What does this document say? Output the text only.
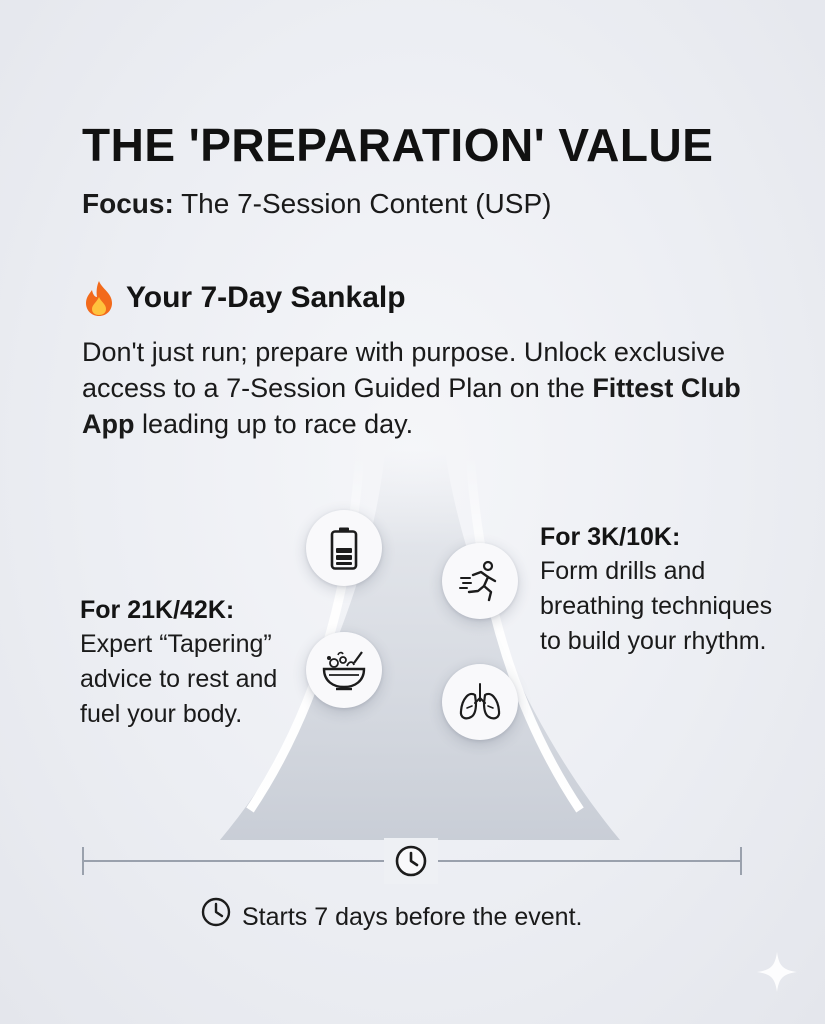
THE 'PREPARATION' VALUE
Focus: The 7-Session Content (USP)
Your 7-Day Sankalp
Don't just run; prepare with purpose. Unlock exclusive access to a 7-Session Guided Plan on the Fittest Club App leading up to race day.
For 21K/42K:
Expert “Tapering” advice to rest and fuel your body.
For 3K/10K:
Form drills and breathing techniques to build your rhythm.
Starts 7 days before the event.
